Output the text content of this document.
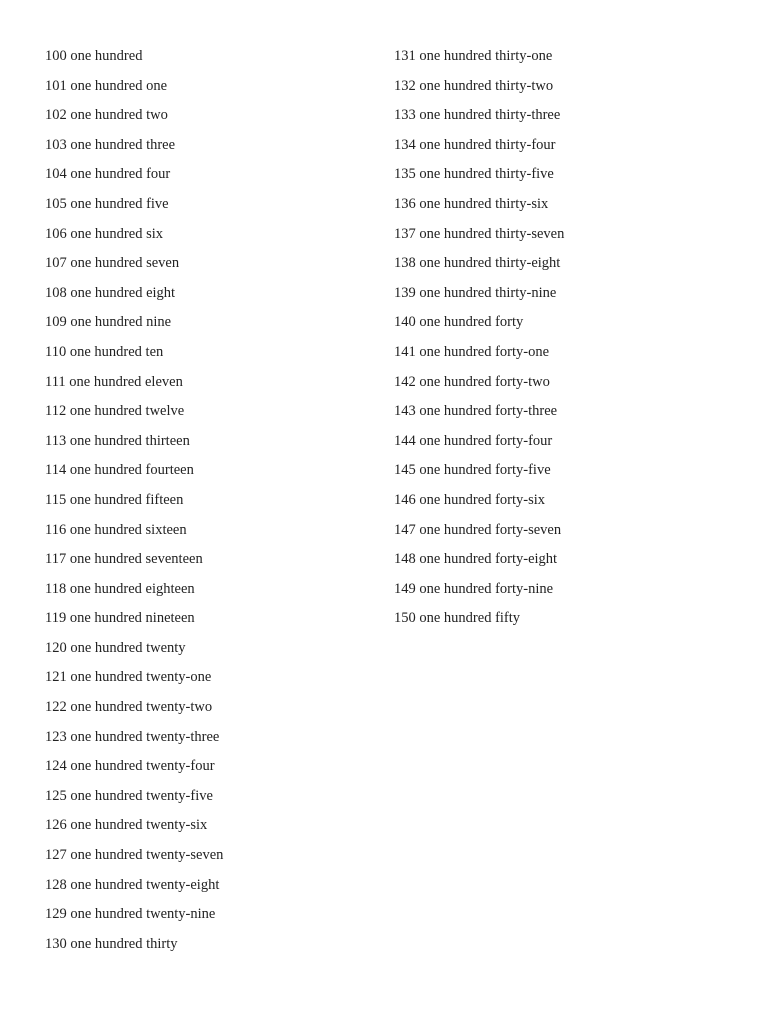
100 one hundred
101 one hundred one
102 one hundred two
103 one hundred three
104 one hundred four
105 one hundred five
106 one hundred six
107 one hundred seven
108 one hundred eight
109 one hundred nine
110 one hundred ten
111 one hundred eleven
112 one hundred twelve
113 one hundred thirteen
114 one hundred fourteen
115 one hundred fifteen
116 one hundred sixteen
117 one hundred seventeen
118 one hundred eighteen
119 one hundred nineteen
120 one hundred twenty
121 one hundred twenty-one
122 one hundred twenty-two
123 one hundred twenty-three
124 one hundred twenty-four
125 one hundred twenty-five
126 one hundred twenty-six
127 one hundred twenty-seven
128 one hundred twenty-eight
129 one hundred twenty-nine
130 one hundred thirty
131 one hundred thirty-one
132 one hundred thirty-two
133 one hundred thirty-three
134 one hundred thirty-four
135 one hundred thirty-five
136 one hundred thirty-six
137 one hundred thirty-seven
138 one hundred thirty-eight
139 one hundred thirty-nine
140 one hundred forty
141 one hundred forty-one
142 one hundred forty-two
143 one hundred forty-three
144 one hundred forty-four
145 one hundred forty-five
146 one hundred forty-six
147 one hundred forty-seven
148 one hundred forty-eight
149 one hundred forty-nine
150 one hundred fifty
